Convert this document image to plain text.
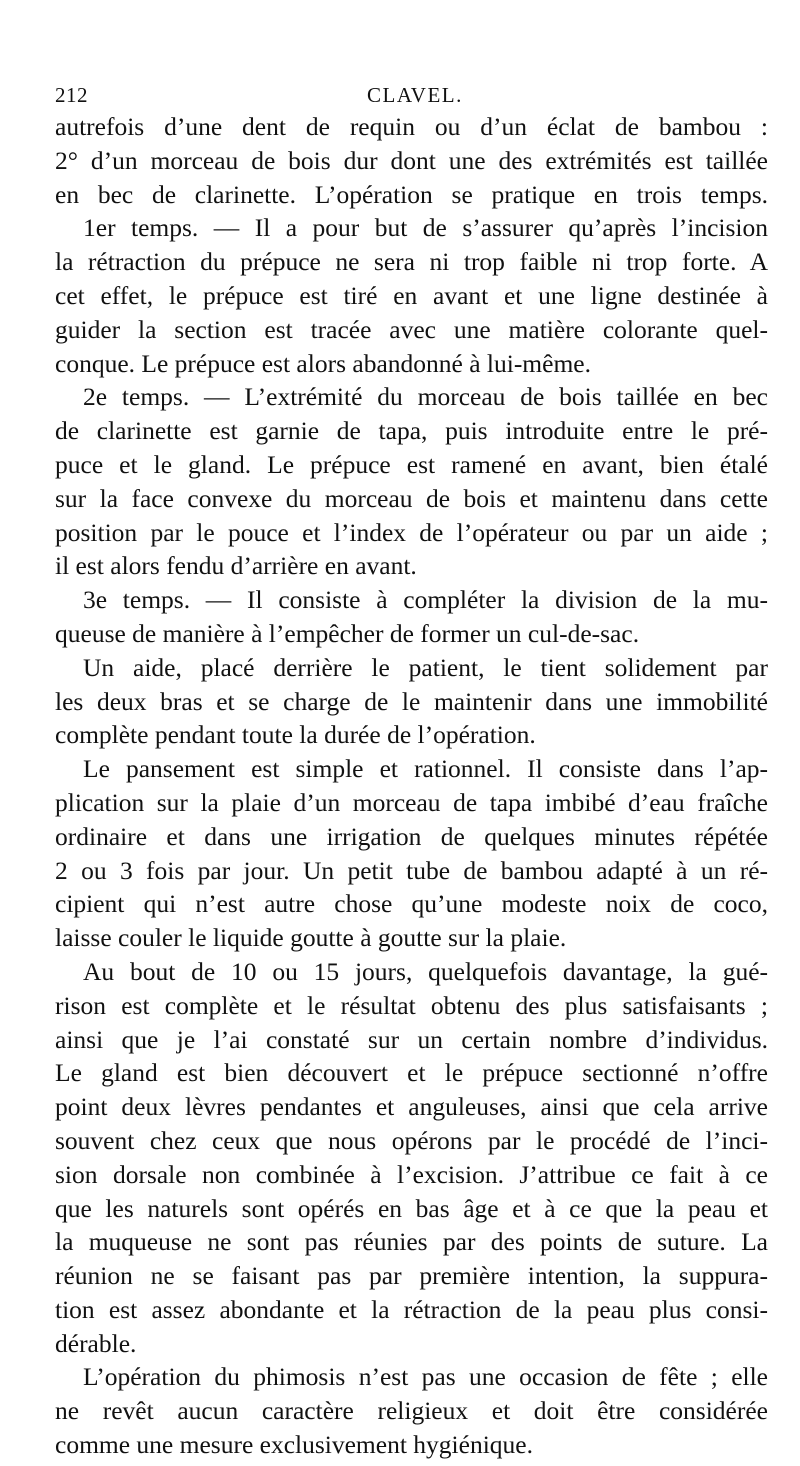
212	CLAVEL.
autrefois d’une dent de requin ou d’un éclat de bambou :
2° d’un morceau de bois dur dont une des extrémités est taillée
en bec de clarinette. L’opération se pratique en trois temps.
1er temps. — Il a pour but de s’assurer qu’après l’incision
la rétraction du prépuce ne sera ni trop faible ni trop forte. A
cet effet, le prépuce est tiré en avant et une ligne destinée à
guider la section est tracée avec une matière colorante quel-
conque. Le prépuce est alors abandonné à lui-même.
2e temps. — L’extrémité du morceau de bois taillée en bec
de clarinette est garnie de tapa, puis introduite entre le pré-
puce et le gland. Le prépuce est ramené en avant, bien étalé
sur la face convexe du morceau de bois et maintenu dans cette
position par le pouce et l’index de l’opérateur ou par un aide ;
il est alors fendu d’arrière en avant.
3e temps. — Il consiste à compléter la division de la mu-
queuse de manière à l’empêcher de former un cul-de-sac.
Un aide, placé derrière le patient, le tient solidement par
les deux bras et se charge de le maintenir dans une immobilité
complète pendant toute la durée de l’opération.
Le pansement est simple et rationnel. Il consiste dans l’ap-
plication sur la plaie d’un morceau de tapa imbibé d’eau fraîche
ordinaire et dans une irrigation de quelques minutes répétée
2 ou 3 fois par jour. Un petit tube de bambou adapté à un ré-
cipient qui n’est autre chose qu’une modeste noix de coco,
laisse couler le liquide goutte à goutte sur la plaie.
Au bout de 10 ou 15 jours, quelquefois davantage, la gué-
rison est complète et le résultat obtenu des plus satisfaisants ;
ainsi que je l’ai constaté sur un certain nombre d’individus.
Le gland est bien découvert et le prépuce sectionné n’offre
point deux lèvres pendantes et anguleuses, ainsi que cela arrive
souvent chez ceux que nous opérons par le procédé de l’inci-
sion dorsale non combinée à l’excision. J’attribue ce fait à ce
que les naturels sont opérés en bas âge et à ce que la peau et
la muqueuse ne sont pas réunies par des points de suture. La
réunion ne se faisant pas par première intention, la suppura-
tion est assez abondante et la rétraction de la peau plus consi-
dérable.
L’opération du phimosis n’est pas une occasion de fête ; elle
ne revêt aucun caractère religieux et doit être considérée
comme une mesure exclusivement hygiénique.
